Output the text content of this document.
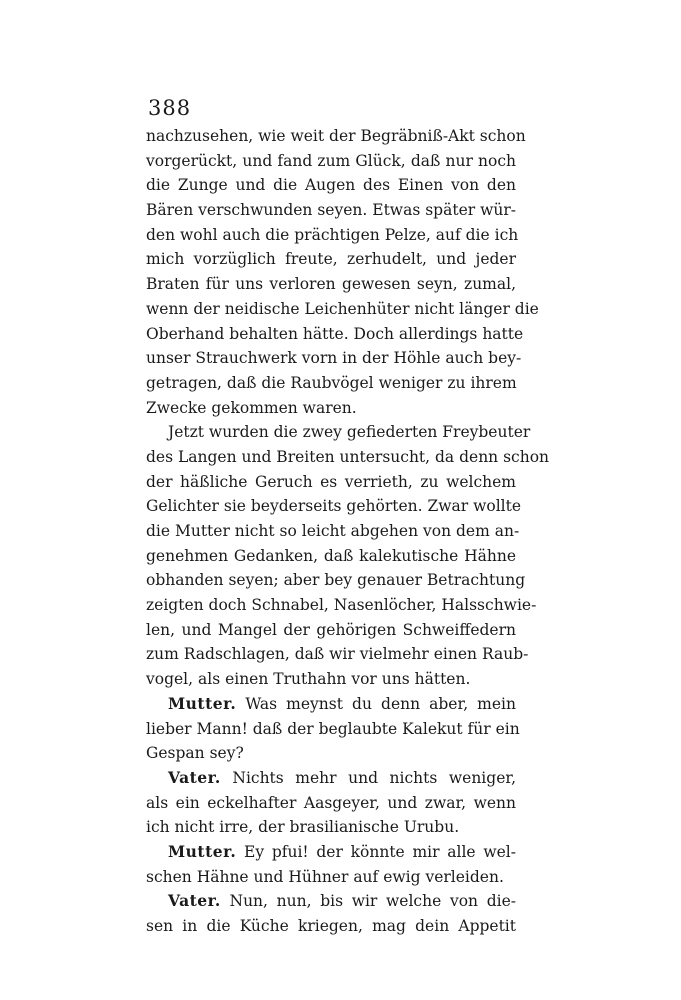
388
nachzusehen, wie weit der Begräbniß-Akt schon
vorgerückt, und fand zum Glück, daß nur noch
die Zunge und die Augen des Einen von den
Bären verschwunden seyen. Etwas später wür-
den wohl auch die prächtigen Pelze, auf die ich
mich vorzüglich freute, zerhudelt, und jeder
Braten für uns verloren gewesen seyn, zumal,
wenn der neidische Leichenhüter nicht länger die
Oberhand behalten hätte. Doch allerdings hatte
unser Strauchwerk vorn in der Höhle auch bey-
getragen, daß die Raubvögel weniger zu ihrem
Zwecke gekommen waren.
Jetzt wurden die zwey gefiederten Freybeuter
des Langen und Breiten untersucht, da denn schon
der häßliche Geruch es verrieth, zu welchem
Gelichter sie beyderseits gehörten. Zwar wollte
die Mutter nicht so leicht abgehen von dem an-
genehmen Gedanken, daß kalekutische Hähne
obhanden seyen; aber bey genauer Betrachtung
zeigten doch Schnabel, Nasenlöcher, Halsschwie-
len, und Mangel der gehörigen Schweiffedern
zum Radschlagen, daß wir vielmehr einen Raub-
vogel, als einen Truthahn vor uns hätten.
Mutter. Was meynst du denn aber, mein
lieber Mann! daß der beglaubte Kalekut für ein
Gespan sey?
Vater. Nichts mehr und nichts weniger,
als ein eckelhafter Aasgeyer, und zwar, wenn
ich nicht irre, der brasilianische Urubu.
Mutter. Ey pfui! der könnte mir alle wel-
schen Hähne und Hühner auf ewig verleiden.
Vater. Nun, nun, bis wir welche von die-
sen in die Küche kriegen, mag dein Appetit
